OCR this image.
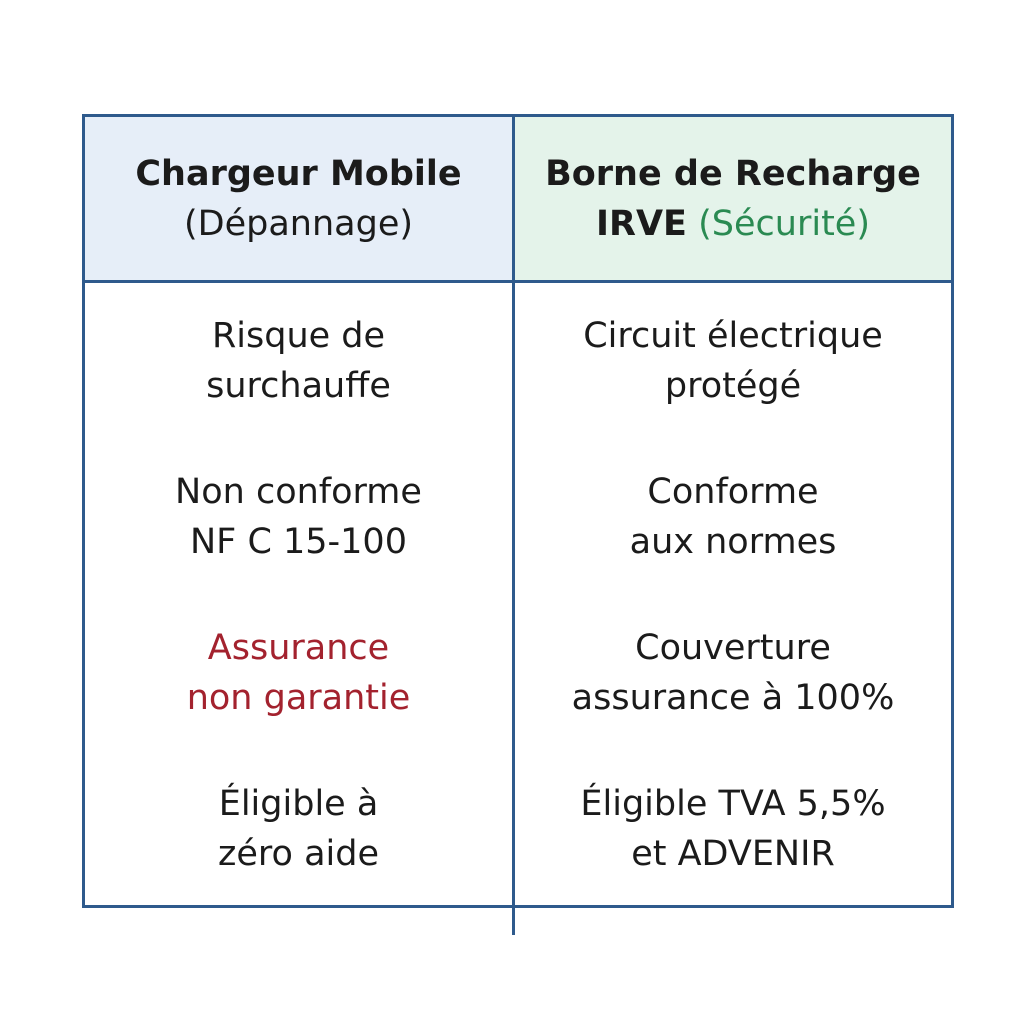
Chargeur Mobile
(Dépannage)
Borne de Recharge
IRVE (Sécurité)
Risque de
surchauffe
Non conforme
NF C 15-100
Assurance
non garantie
Éligible à
zéro aide
Circuit électrique
protégé
Conforme
aux normes
Couverture
assurance à 100%
Éligible TVA 5,5%
et ADVENIR
